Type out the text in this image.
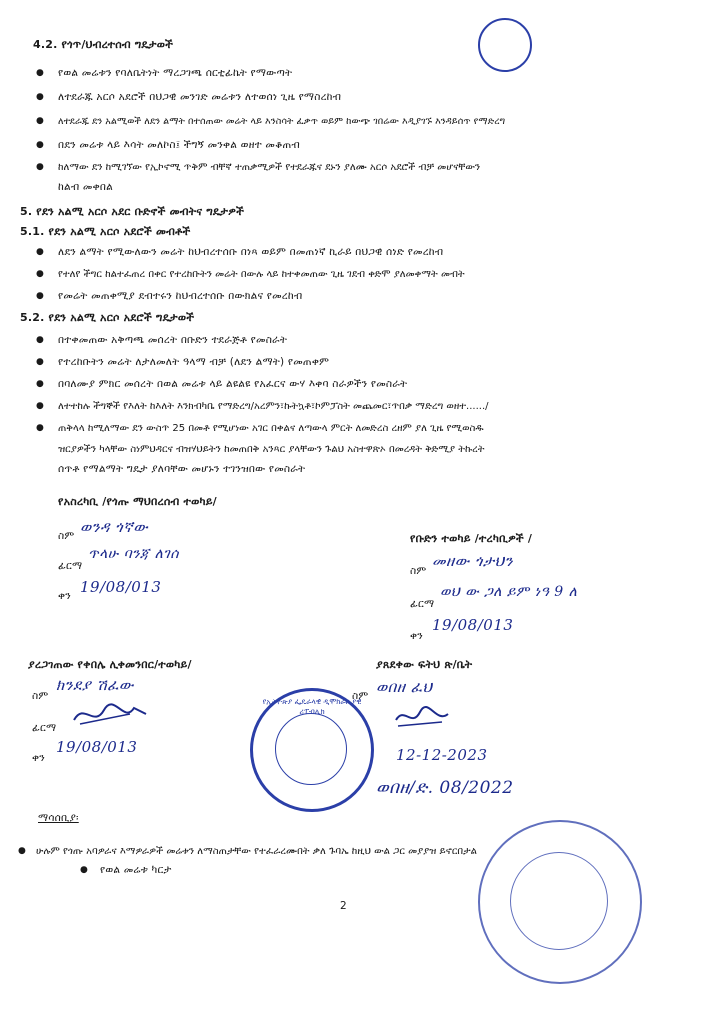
4.2. የጎጥ/ህብረተሰብ ግዴታወች
● የወል መሬቱን የባለቤትነት ማረጋገጫ ሰርቲፊኬት የማውጣት
● ለተደራጁ አርሶ አደሮች በህጋዊ መንገድ መሬቱን ለተወሰነ ጊዜ የማስረከብ
● ለተደራጁ ደን አልሚወች ለደን ልማት በተሰጠው መሬት ላይ እንስሳት ፈቃጥ ወይም ከውጭ ገበሬው እዲያገኙ እንዳይሰጥ የማድረግ
● በደን መሬቱ ላይ እሳት መለኮስ፤ ችግኝ መንቀል ወዘተ መቆጠብ
● ከለማው ደን ከሚገኘው የኢኮኖሚ ጥቅም ብቸኛ ተጠቃሚዎች የተደራጁና ደኑን ያለሙ አርሶ አደሮች ብቻ መሆናቸውን
ከልብ መቀበል
5. የደን አልሚ አርሶ አደር ቡድኖች መብትና ግዴታዎች
5.1. የደን አልሚ አርሶ አደሮች መብቶች
● ለደን ልማት የሚውለውን መሬት ከህብረተሰቡ በነጻ ወይም በመጠነኛ ኪራይ በህጋዊ ሰነድ የመረከብ
● የተለየ ችግር ከልተፈጠረ በቀር የተረከቡትን መሬት በውሉ ላይ ከተቀመጠው ጊዜ ገደብ ቀድሞ ያለመቀማት መብት
● የመሬት መጠቀሚያ ደብተሩን ከህብረተሰቡ በውክልና የመረከብ
5.2. የደን አልሚ አርሶ አደሮች ግዴታወች
● በተቀመጠው አቅጣጫ መሰረት በቡድን ተደራጅቶ የመስራት
● የተረከቡትን መሬት ለታለመለት ዓላማ ብቻ (ለደን ልማት) የመጠቀም
● በባለሙያ ምክር መሰረት በወል መሬቱ ላይ ልዩልዩ የአፈርና ውሃ እቀባ ስራዎችን የመስራት
● ለተተከሉ ችግኞች የእለት ከእለት እንክብካቤ የማድረግ/አረምን፣ኩትኳቶ፣ኮምፓስት መጨመር፣ጥበቃ ማድረግ ወዘተ....../
● ጠቅላላ ከሚለማው ደን ውስጥ 25 በመቶ የሚሆነው አገር በቀልና ለጣውላ ምርት ለመድረስ ረዘም ያለ ጊዜ የሚወስዱ
ዝርያዎችን ካላቸው ስነምህዳርና ብዝሃህይትን ከመጠበቅ አንጻር ያላቸውን ጉልህ አስተዋጽኦ በመረዳት ቅድሚያ ትኩረት
ሰጥቶ የማልማት ግዴታ ያለባቸው መሆኑን ተገንዝበው የመስራት
የአስረካቢ /የጎጡ ማህበረሰብ ተወካይ/
ስም ወንዳ ጎኛው
ፊርማ
ጥላሁ ባንጃ ለገሰ
ቀን 19/08/013
የቡድን ተወካይ /ተረካቢዎች /
ስም
መዘው ጎታህን
ፊርማ
ወህ ው ጋለ ይም ነዓ 9 ለ
ቀን
19/08/013
ያረጋገጠው የቀበሌ ሊቀመንበር/ተወካይ/
ስም
ክንደያ ሽፈው
ፊርማ
ቀን
19/08/013
ያጸደቀው ፍትህ ጽ/ቤት
ስም ወበዘ ፈህ
12-12-2023
ወበዘ/ድ. 08/2022
የኢትዮጵያ ፌዴራላዊ ዲሞክራሲያዊ ሪፐብሊክ
ማሳሰቢያ፡
● ሁሉም የጎጡ አባዎራና እማዎራዎች መሬቱን ለማስጠታቸው የተፈራረሙበት ቃለ ጉባኤ ከዚህ ውል ጋር መያያዝ ይኖርበታል
● የወል መሬቱ ካርታ
2
